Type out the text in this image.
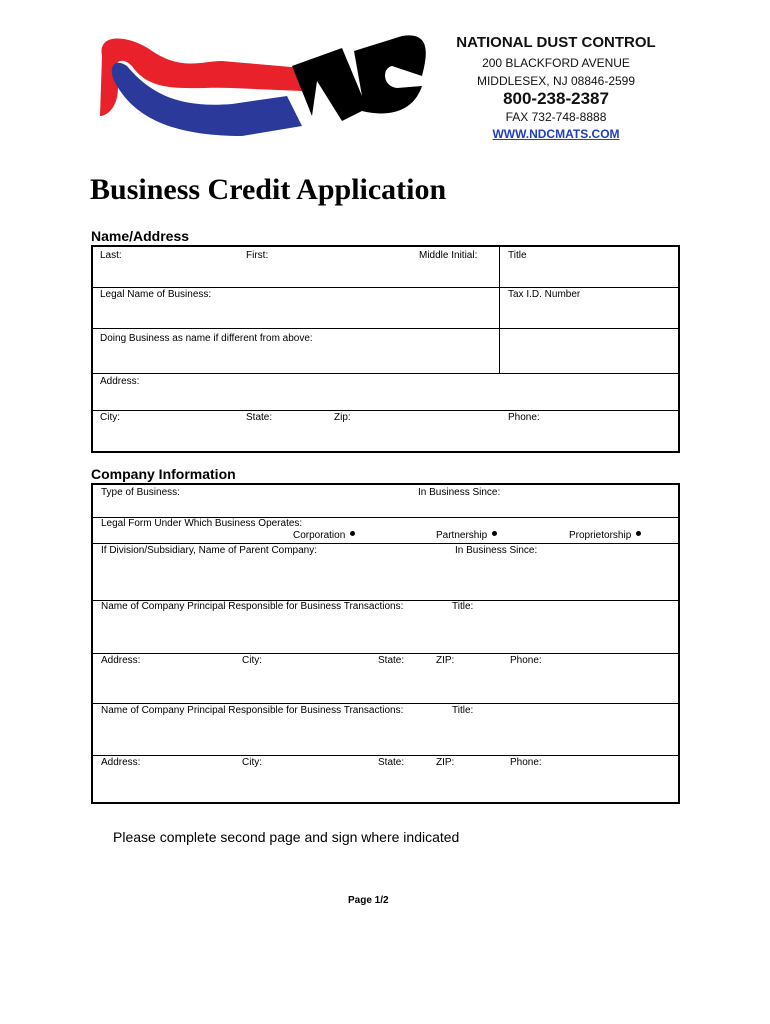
NATIONAL DUST CONTROL
200 BLACKFORD AVENUE
MIDDLESEX, NJ 08846-2599
800-238-2387
FAX 732-748-8888
WWW.NDCMATS.COM
Business Credit Application
Name/Address
Last:	First:	Middle Initial:	Title
Legal Name of Business:	Tax I.D. Number
Doing Business as name if different from above:
Address:
City:	State:	Zip:	Phone:
Company Information
Type of Business:	In Business Since:
Legal Form Under Which Business Operates:
Corporation	Partnership	Proprietorship
If Division/Subsidiary, Name of Parent Company:	In Business Since:
Name of Company Principal Responsible for Business Transactions:	Title:
Address:	City:	State:	ZIP:	Phone:
Name of Company Principal Responsible for Business Transactions:	Title:
Address:	City:	State:	ZIP:	Phone:
Please complete second page and sign where indicated
Page 1/2
